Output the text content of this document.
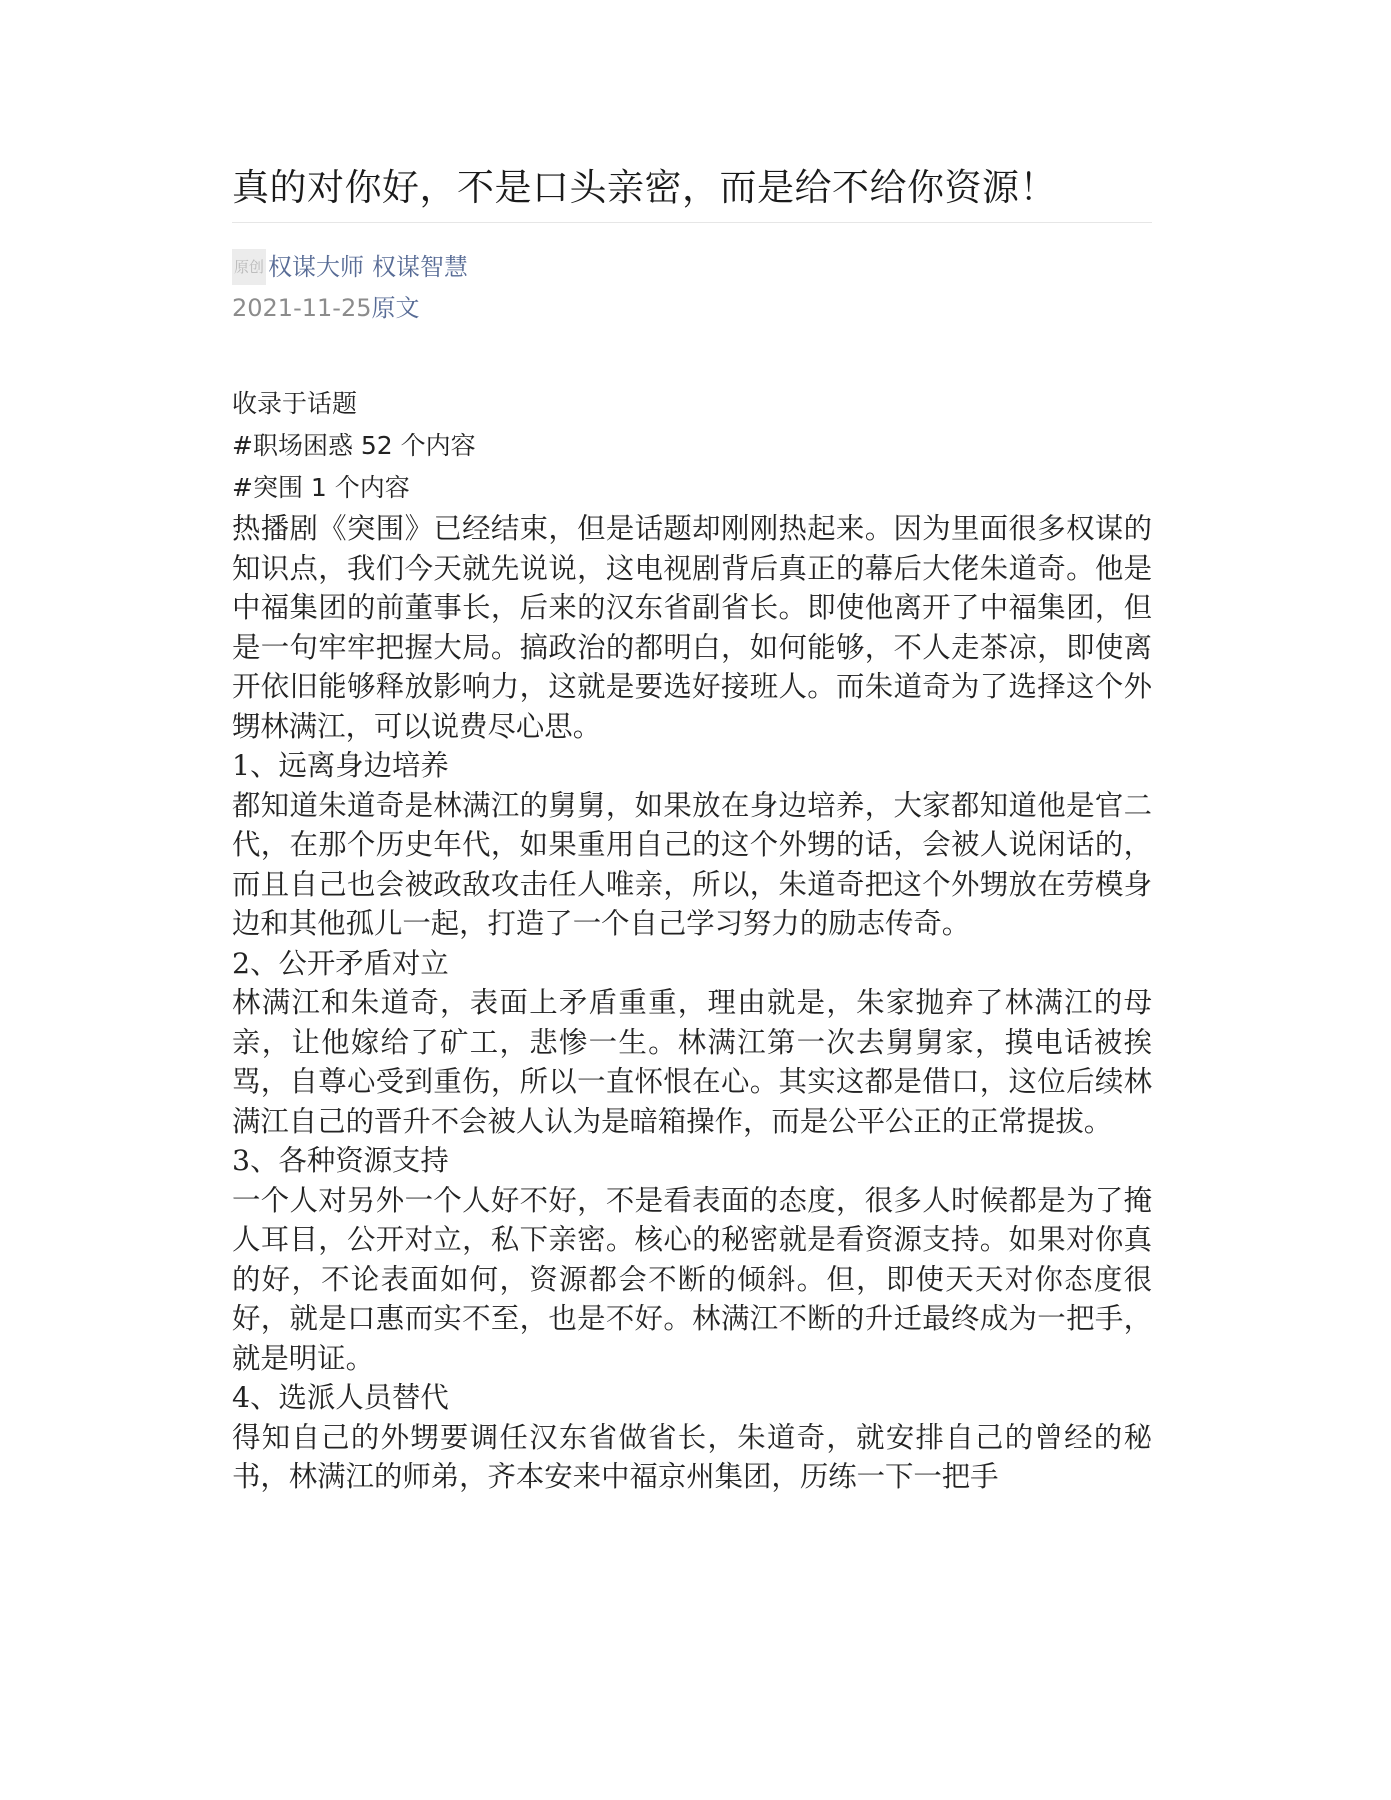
真的对你好，不是口头亲密，而是给不给你资源！
原创 权谋大师 权谋智慧
2021-11-25原文
收录于话题
#职场困惑 52 个内容
#突围 1 个内容
热播剧《突围》已经结束，但是话题却刚刚热起来。因为里面很多权谋的知识点，我们今天就先说说，这电视剧背后真正的幕后大佬朱道奇。他是中福集团的前董事长，后来的汉东省副省长。即使他离开了中福集团，但是一句牢牢把握大局。搞政治的都明白，如何能够，不人走茶凉，即使离开依旧能够释放影响力，这就是要选好接班人。而朱道奇为了选择这个外甥林满江，可以说费尽心思。
1、远离身边培养
都知道朱道奇是林满江的舅舅，如果放在身边培养，大家都知道他是官二代，在那个历史年代，如果重用自己的这个外甥的话，会被人说闲话的，而且自己也会被政敌攻击任人唯亲，所以，朱道奇把这个外甥放在劳模身边和其他孤儿一起，打造了一个自己学习努力的励志传奇。
2、公开矛盾对立
林满江和朱道奇，表面上矛盾重重，理由就是，朱家抛弃了林满江的母亲，让他嫁给了矿工，悲惨一生。林满江第一次去舅舅家，摸电话被挨骂，自尊心受到重伤，所以一直怀恨在心。其实这都是借口，这位后续林满江自己的晋升不会被人认为是暗箱操作，而是公平公正的正常提拔。
3、各种资源支持
一个人对另外一个人好不好，不是看表面的态度，很多人时候都是为了掩人耳目，公开对立，私下亲密。核心的秘密就是看资源支持。如果对你真的好，不论表面如何，资源都会不断的倾斜。但，即使天天对你态度很好，就是口惠而实不至，也是不好。林满江不断的升迁最终成为一把手，就是明证。
4、选派人员替代
得知自己的外甥要调任汉东省做省长，朱道奇，就安排自己的曾经的秘书，林满江的师弟，齐本安来中福京州集团，历练一下一把手
